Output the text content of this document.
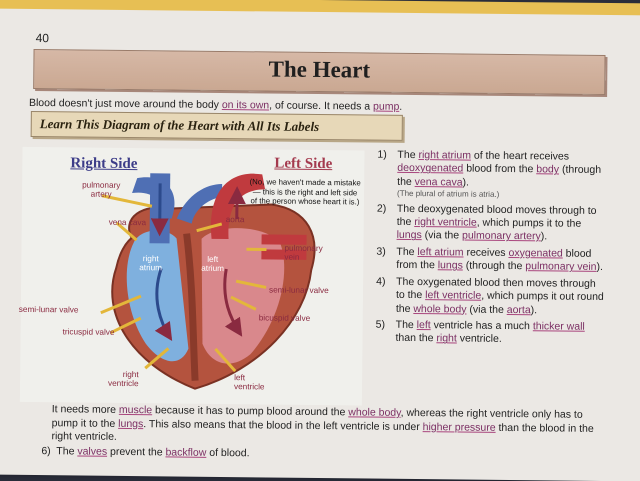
40
The Heart
Blood doesn't just move around the body on its own, of course. It needs a pump.
Learn This Diagram of the Heart with All Its Labels
Right Side	Left Side
(No, we haven't made a mistake — this is the right and left side of the person whose heart it is.)
pulmonary
artery
vena cava	aorta
pulmonary
vein
right
atrium
left
atrium
semi-lunar valve
semi-lunar valve
tricuspid valve
bicuspid valve
right
ventricle
left
ventricle
1) The right atrium of the heart receives deoxygenated blood from the body (through the vena cava).
(The plural of atrium is atria.)
2) The deoxygenated blood moves through to the right ventricle, which pumps it to the lungs (via the pulmonary artery).
3) The left atrium receives oxygenated blood from the lungs (through the pulmonary vein).
4) The oxygenated blood then moves through to the left ventricle, which pumps it out round the whole body (via the aorta).
5) The left ventricle has a much thicker wall than the right ventricle.
It needs more muscle because it has to pump blood around the whole body, whereas the right ventricle only has to pump it to the lungs. This also means that the blood in the left ventricle is under higher pressure than the blood in the right ventricle.
6) The valves prevent the backflow of blood.
